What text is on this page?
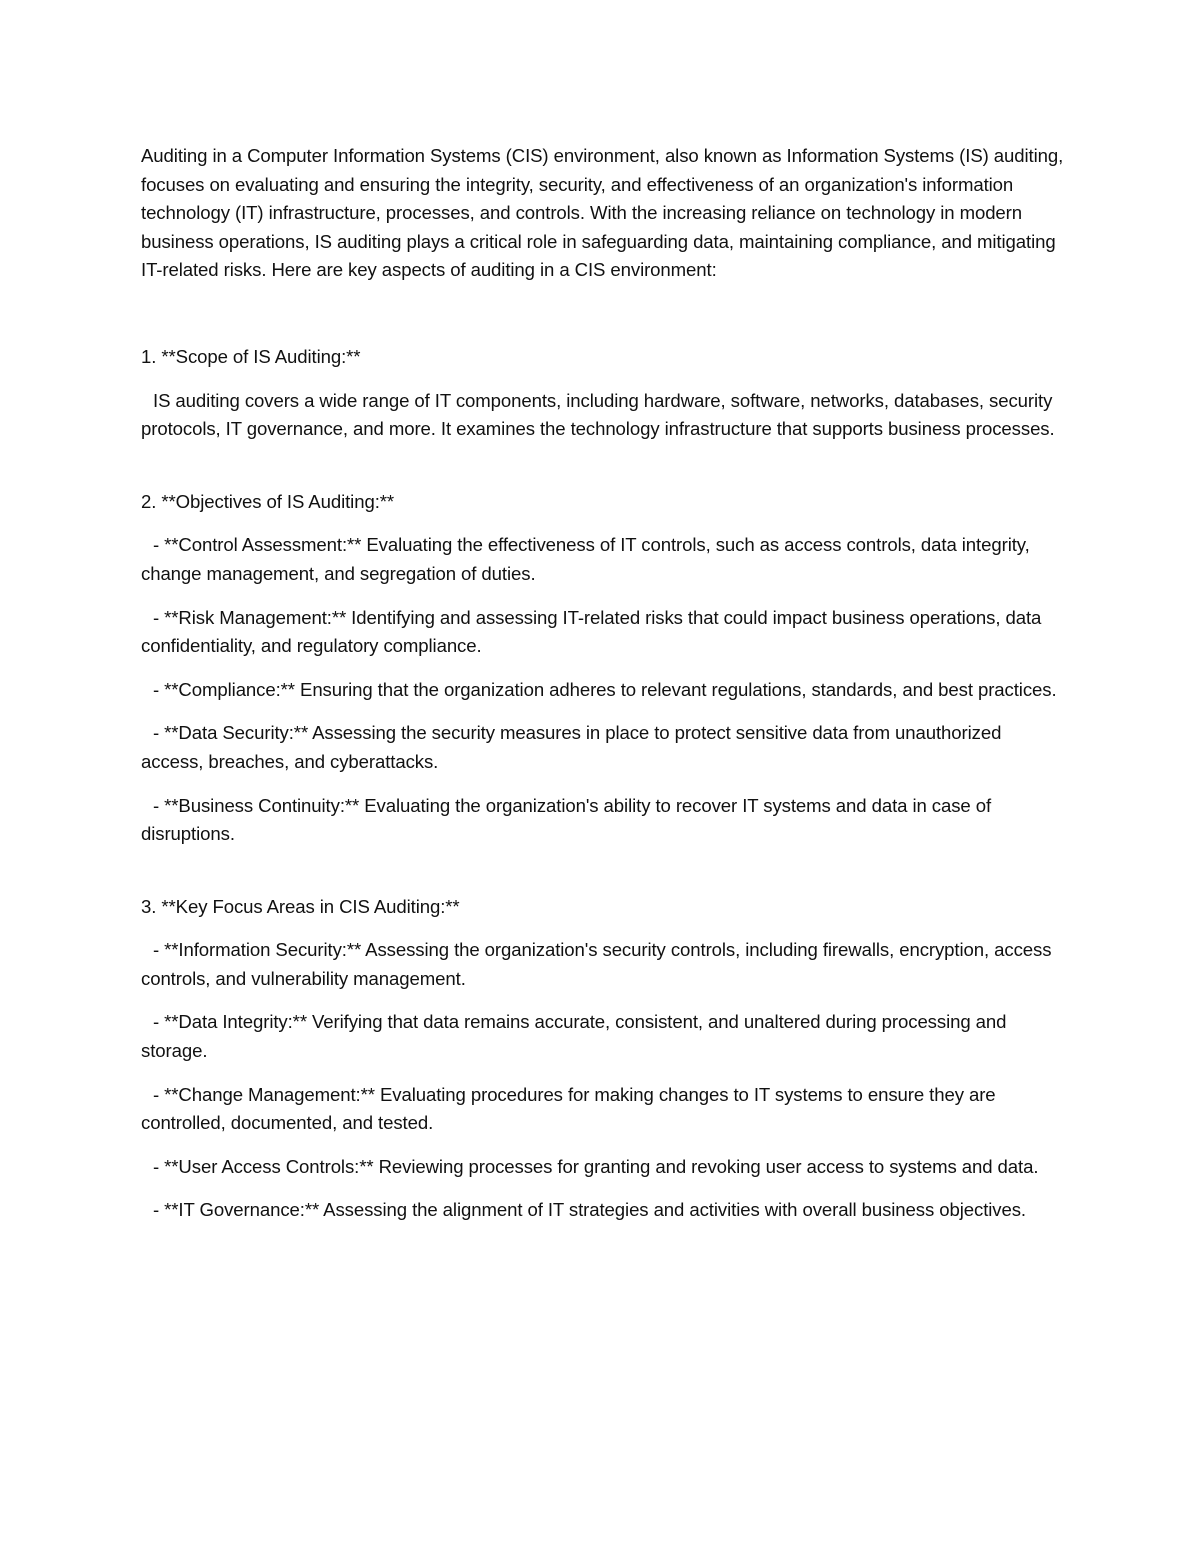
Auditing in a Computer Information Systems (CIS) environment, also known as Information Systems (IS) auditing, focuses on evaluating and ensuring the integrity, security, and effectiveness of an organization's information technology (IT) infrastructure, processes, and controls. With the increasing reliance on technology in modern business operations, IS auditing plays a critical role in safeguarding data, maintaining compliance, and mitigating IT-related risks. Here are key aspects of auditing in a CIS environment:

1. **Scope of IS Auditing:**

IS auditing covers a wide range of IT components, including hardware, software, networks, databases, security protocols, IT governance, and more. It examines the technology infrastructure that supports business processes.

2. **Objectives of IS Auditing:**

- **Control Assessment:** Evaluating the effectiveness of IT controls, such as access controls, data integrity, change management, and segregation of duties.

- **Risk Management:** Identifying and assessing IT-related risks that could impact business operations, data confidentiality, and regulatory compliance.

- **Compliance:** Ensuring that the organization adheres to relevant regulations, standards, and best practices.

- **Data Security:** Assessing the security measures in place to protect sensitive data from unauthorized access, breaches, and cyberattacks.

- **Business Continuity:** Evaluating the organization's ability to recover IT systems and data in case of disruptions.

3. **Key Focus Areas in CIS Auditing:**

- **Information Security:** Assessing the organization's security controls, including firewalls, encryption, access controls, and vulnerability management.

- **Data Integrity:** Verifying that data remains accurate, consistent, and unaltered during processing and storage.

- **Change Management:** Evaluating procedures for making changes to IT systems to ensure they are controlled, documented, and tested.

- **User Access Controls:** Reviewing processes for granting and revoking user access to systems and data.

- **IT Governance:** Assessing the alignment of IT strategies and activities with overall business objectives.
